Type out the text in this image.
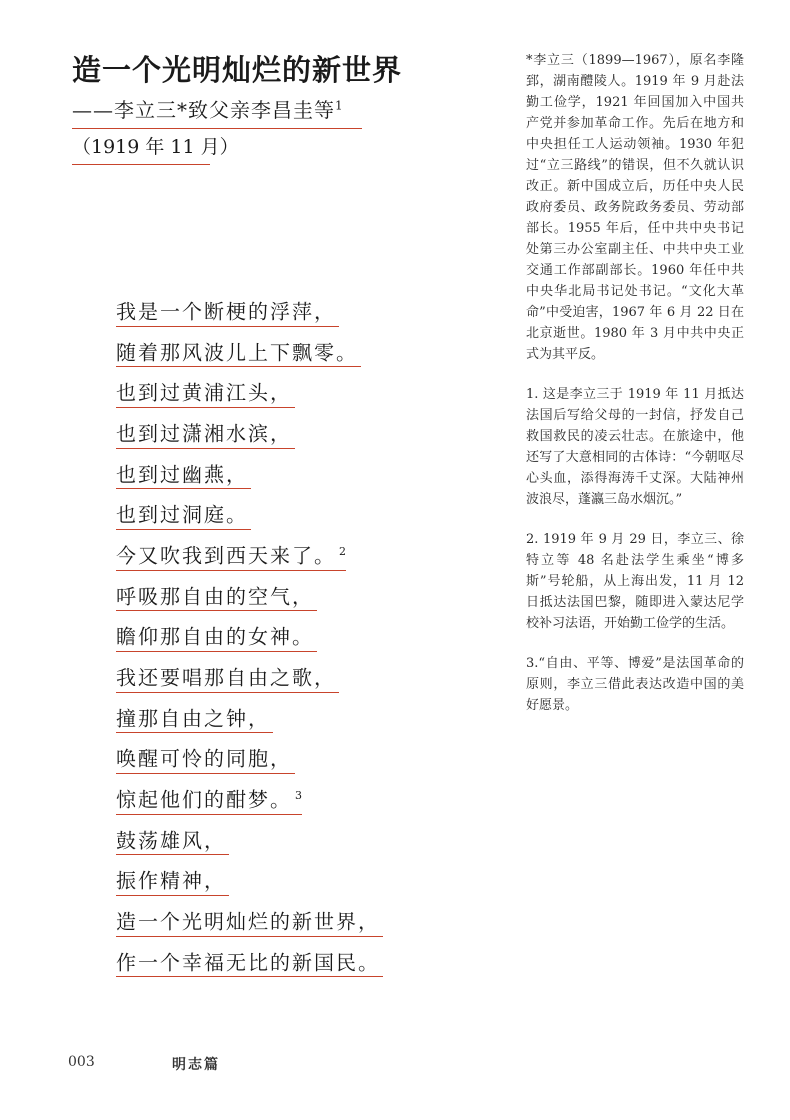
造一个光明灿烂的新世界
——李立三*致父亲李昌圭等$^1$
（1919 年 11 月）
我是一个断梗的浮萍，
随着那风波儿上下飘零。
也到过黄浦江头，
也到过潇湘水滨，
也到过幽燕，
也到过洞庭。
今又吹我到西天来了。 $^2$
呼吸那自由的空气，
瞻仰那自由的女神。
我还要唱那自由之歌，
撞那自由之钟，
唤醒可怜的同胞，
惊起他们的酣梦。 $^3$
鼓荡雄风，
振作精神，
造一个光明灿烂的新世界，
作一个幸福无比的新国民。

*李立三（1899—1967），原名李隆郅，湖南醴陵人。1919 年 9 月赴法勤工俭学，1921 年回国加入中国共产党并参加革命工作。先后在地方和中央担任工人运动领袖。1930 年犯过“立三路线”的错误，但不久就认识改正。新中国成立后，历任中央人民政府委员、政务院政务委员、劳动部部长。1955 年后，任中共中央书记处第三办公室副主任、中共中央工业交通工作部副部长。1960 年任中共中央华北局书记处书记。“文化大革命”中受迫害，1967 年 6 月 22 日在北京逝世。1980 年 3 月中共中央正式为其平反。

1. 这是李立三于 1919 年 11 月抵达法国后写给父母的一封信，抒发自己救国救民的凌云壮志。在旅途中，他还写了大意相同的古体诗：“今朝呕尽心头血，添得海涛千丈深。大陆神州波浪尽，蓬瀛三岛水烟沉。”

2. 1919 年 9 月 29 日，李立三、徐特立等 48 名赴法学生乘坐“博多斯”号轮船，从上海出发，11 月 12 日抵达法国巴黎，随即进入蒙达尼学校补习法语，开始勤工俭学的生活。

3.“自由、平等、博爱”是法国革命的原则，李立三借此表达改造中国的美好愿景。

003	明志篇
